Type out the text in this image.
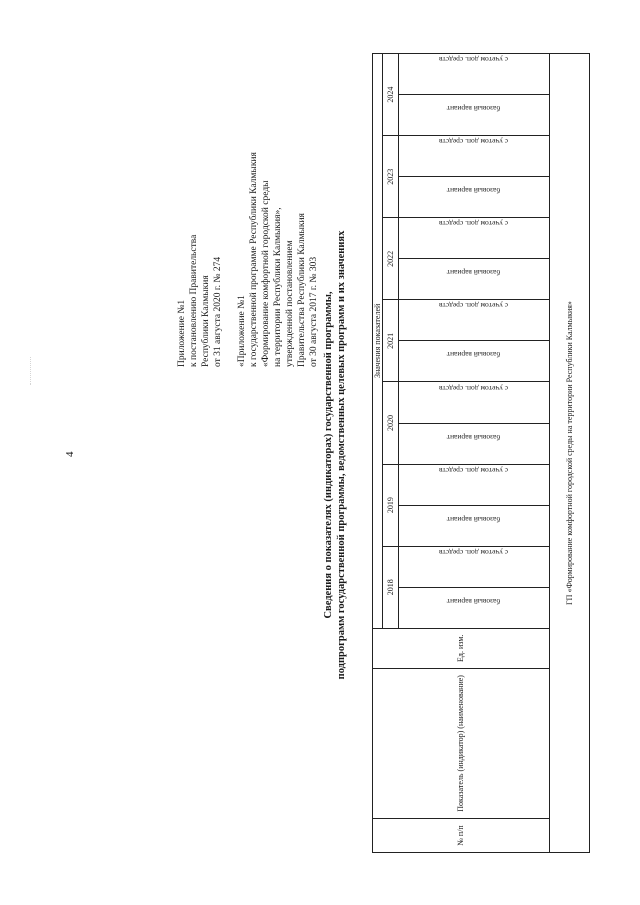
4
Приложение №1 к постановлению Правительства Республики Калмыкия от 31 августа 2020 г. № 274 «Приложение №1 к государственной программе Республики Калмыкия «Формирование комфортной городской среды на территории Республики Калмыкия», утвержденной постановлением Правительства Республики Калмыкия от 30 августа 2017 г. № 303 Сведения о показателях (индикаторах) государственной программы, подпрограмм государственной программы, ведомственных целевых программ и их значениях
№ п/п	Показатель (индикатор) (наименование)	Ед. изм.	Значения показателей													
			2018		2019		2020		2021		2022		2023		2024	
			базовый вариант	с учетом доп. средств	базовый вариант	с учетом доп. средств	базовый вариант	с учетом доп. средств	базовый вариант	с учетом доп. средств	базовый вариант	с учетом доп. средств	базовый вариант	с учетом доп. средств	базовый вариант	с учетом доп. средств
ГП «Формирование комфортной городской среды на территории Республики Калмыкия»																
